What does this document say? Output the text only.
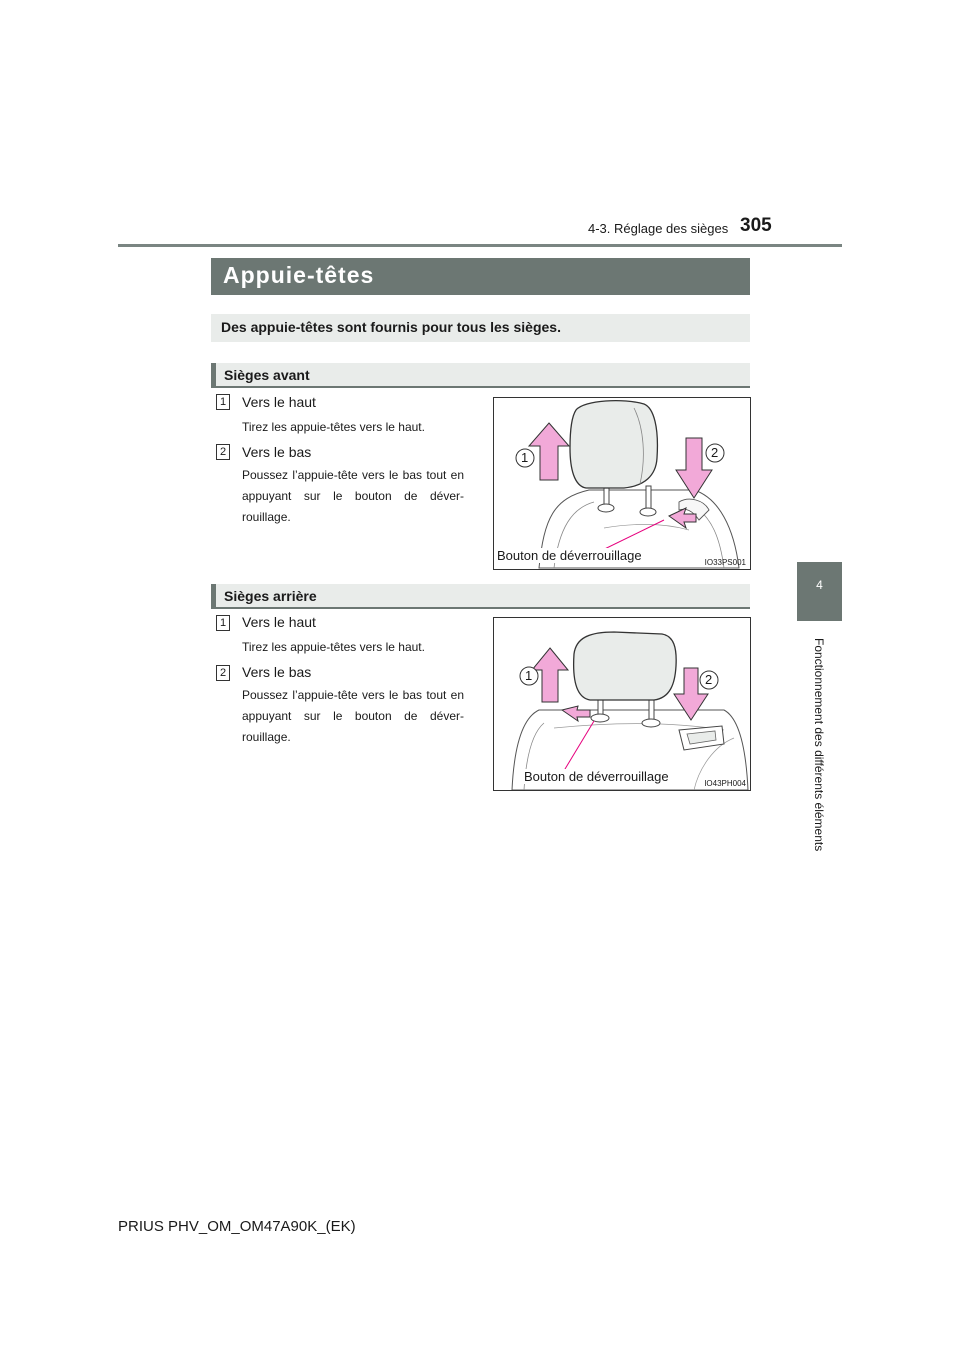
4-3. Réglage des sièges 305
4
Fonctionnement des différents éléments
Appuie-têtes
Des appuie-têtes sont fournis pour tous les sièges.
Sièges avant
1 Vers le haut
Tirez les appuie-têtes vers le haut.
2 Vers le bas
Poussez l’appuie-tête vers le bas tout en appuyant sur le bouton de déver-rouillage.
1	2
Bouton de déverrouillage	IO33PS001
Sièges arrière
1 Vers le haut
Tirez les appuie-têtes vers le haut.
2 Vers le bas
Poussez l’appuie-tête vers le bas tout en appuyant sur le bouton de déver-rouillage.
1	2
Bouton de déverrouillage	IO43PH004
PRIUS PHV_OM_OM47A90K_(EK)
